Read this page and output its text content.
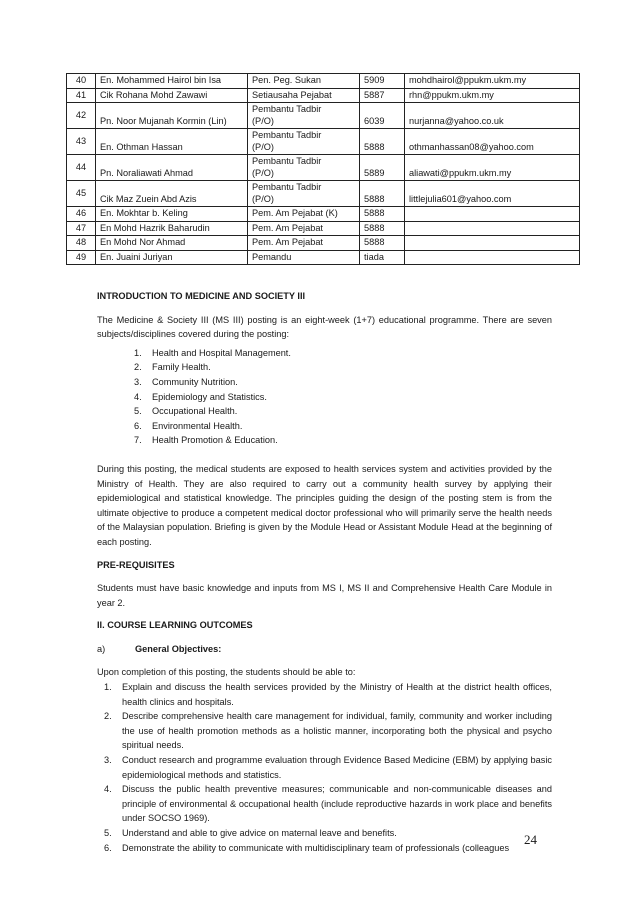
40	En. Mohammed Hairol bin Isa	Pen. Peg. Sukan	5909	mohdhairol@ppukm.ukm.my
41	Cik Rohana Mohd Zawawi	Setiausaha Pejabat	5887	rhn@ppukm.ukm.my
42	Pn. Noor Mujanah Kormin (Lin)	Pembantu Tadbir
(P/O)	6039	nurjanna@yahoo.co.uk
43	En. Othman Hassan	Pembantu Tadbir
(P/O)	5888	othmanhassan08@yahoo.com
44	Pn. Noraliawati Ahmad	Pembantu Tadbir
(P/O)	5889	aliawati@ppukm.ukm.my
45	Cik Maz Zuein Abd Azis	Pembantu Tadbir
(P/O)	5888	littlejulia601@yahoo.com
46	En. Mokhtar b. Keling	Pem. Am Pejabat (K)	5888	
47	En Mohd Hazrik Baharudin	Pem. Am Pejabat	5888	
48	En Mohd Nor Ahmad	Pem. Am Pejabat	5888	
49	En. Juaini Juriyan	Pemandu	tiada	
INTRODUCTION TO MEDICINE AND SOCIETY III

The Medicine & Society III (MS III) posting is an eight-week (1+7) educational programme. There are seven subjects/disciplines covered during the posting:

1.	Health and Hospital Management.
2.	Family Health.
3.	Community Nutrition.
4.	Epidemiology and Statistics.
5.	Occupational Health.
6.	Environmental Health.
7.	Health Promotion & Education.

During this posting, the medical students are exposed to health services system and activities provided by the Ministry of Health. They are also required to carry out a community health survey by applying their epidemiological and statistical knowledge. The principles guiding the design of the posting stem is from the ultimate objective to produce a competent medical doctor professional who will primarily serve the health needs of the Malaysian population. Briefing is given by the Module Head or Assistant Module Head at the beginning of each posting.

PRE-REQUISITES

Students must have basic knowledge and inputs from MS I, MS II and Comprehensive Health Care Module in year 2.

II. COURSE LEARNING OUTCOMES
a)	General Objectives:

Upon completion of this posting, the students should be able to:

1.	Explain and discuss the health services provided by the Ministry of Health at the district health offices, health clinics and hospitals.
2.	Describe comprehensive health care management for individual, family, community and worker including the use of health promotion methods as a holistic manner, incorporating both the physical and psycho spiritual needs.
3.	Conduct research and programme evaluation through Evidence Based Medicine (EBM) by applying basic epidemiological methods and statistics.
4.	Discuss the public health preventive measures; communicable and non-communicable diseases and principle of environmental & occupational health (include reproductive hazards in work place and benefits under SOCSO 1969).
5.	Understand and able to give advice on maternal leave and benefits.
6.	Demonstrate the ability to communicate with multidisciplinary team of professionals (colleagues
24
